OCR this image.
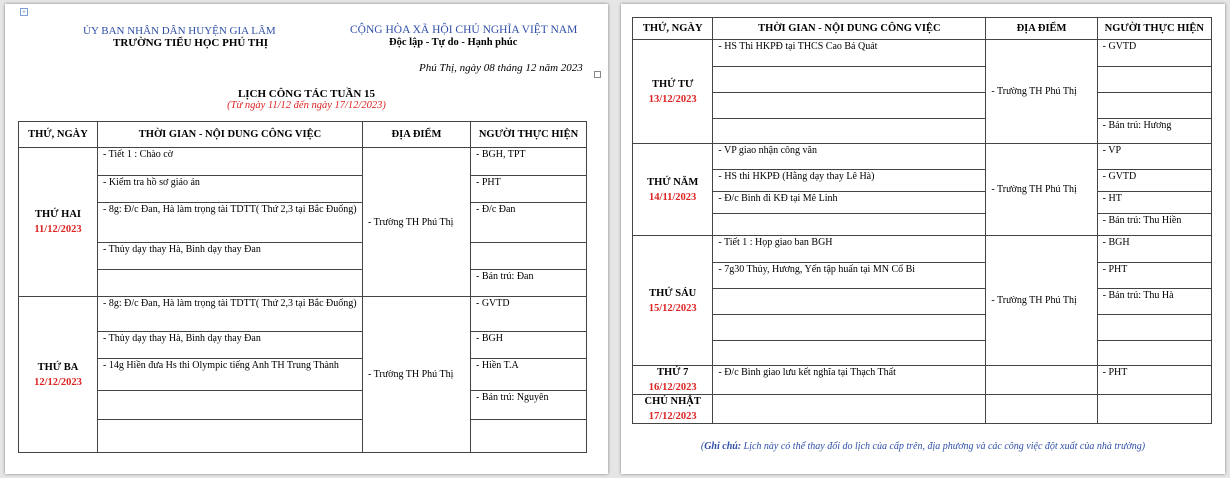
+
ỦY BAN NHÂN DÂN HUYỆN GIA LÂM
TRƯỜNG TIỂU HỌC PHÚ THỊ
CỘNG HÒA XÃ HỘI CHỦ NGHĨA VIỆT NAM
Độc lập - Tự do - Hạnh phúc
Phú Thị, ngày 08 tháng 12 năm 2023
LỊCH CÔNG TÁC TUẦN 15
(Từ ngày 11/12 đến ngày 17/12/2023)
THỨ, NGÀY	THỜI GIAN - NỘI DUNG CÔNG VIỆC	ĐỊA ĐIỂM	NGƯỜI THỰC HIỆN
THỨ HAI
11/12/2023	- Tiết 1 : Chào cờ	- Trường TH Phú Thị	- BGH, TPT
	- Kiểm tra hồ sơ giáo án		- PHT
	- 8g: Đ/c Đan, Hà làm trọng tài TDTT( Thứ 2,3 tại Bắc Đuống)		- Đ/c Đan
	- Thủy dạy thay Hà, Bình dạy thay Đan		
			- Bán trú: Đan
THỨ BA
12/12/2023	- 8g: Đ/c Đan, Hà làm trọng tài TDTT( Thứ 2,3 tại Bắc Đuống)	- Trường TH Phú Thị	- GVTD
	- Thủy dạy thay Hà, Bình dạy thay Đan		- BGH
	- 14g Hiền đưa Hs thi Olympic tiếng Anh TH Trung Thành		- Hiền T.A
			- Bán trú: Nguyên

THỨ, NGÀY	THỜI GIAN - NỘI DUNG CÔNG VIỆC	ĐỊA ĐIỂM	NGƯỜI THỰC HIỆN
THỨ TƯ
13/12/2023	- HS Thi HKPĐ tại THCS Cao Bá Quát	- Trường TH Phú Thị	- GVTD

			- Bán trú: Hương
THỨ NĂM
14/11/2023	- VP giao nhận công văn	- Trường TH Phú Thị	- VP
	- HS thi HKPĐ (Hằng dạy thay Lê Hà)		- GVTD
	- Đ/c Bình đi KĐ tại Mê Linh		- HT
			- Bán trú: Thu Hiền
THỨ SÁU
15/12/2023	- Tiết 1 : Họp giao ban BGH	- Trường TH Phú Thị	- BGH
	- 7g30 Thủy, Hương, Yến tập huấn tại MN Cổ Bi		- PHT
			- Bán trú: Thu Hà

THỨ 7
16/12/2023	- Đ/c Bình giao lưu kết nghĩa tại Thạch Thất		- PHT
CHỦ NHẬT
17/12/2023			

(Ghi chú: Lịch này có thể thay đổi do lịch của cấp trên, địa phương và các công việc đột xuất của nhà trường)
